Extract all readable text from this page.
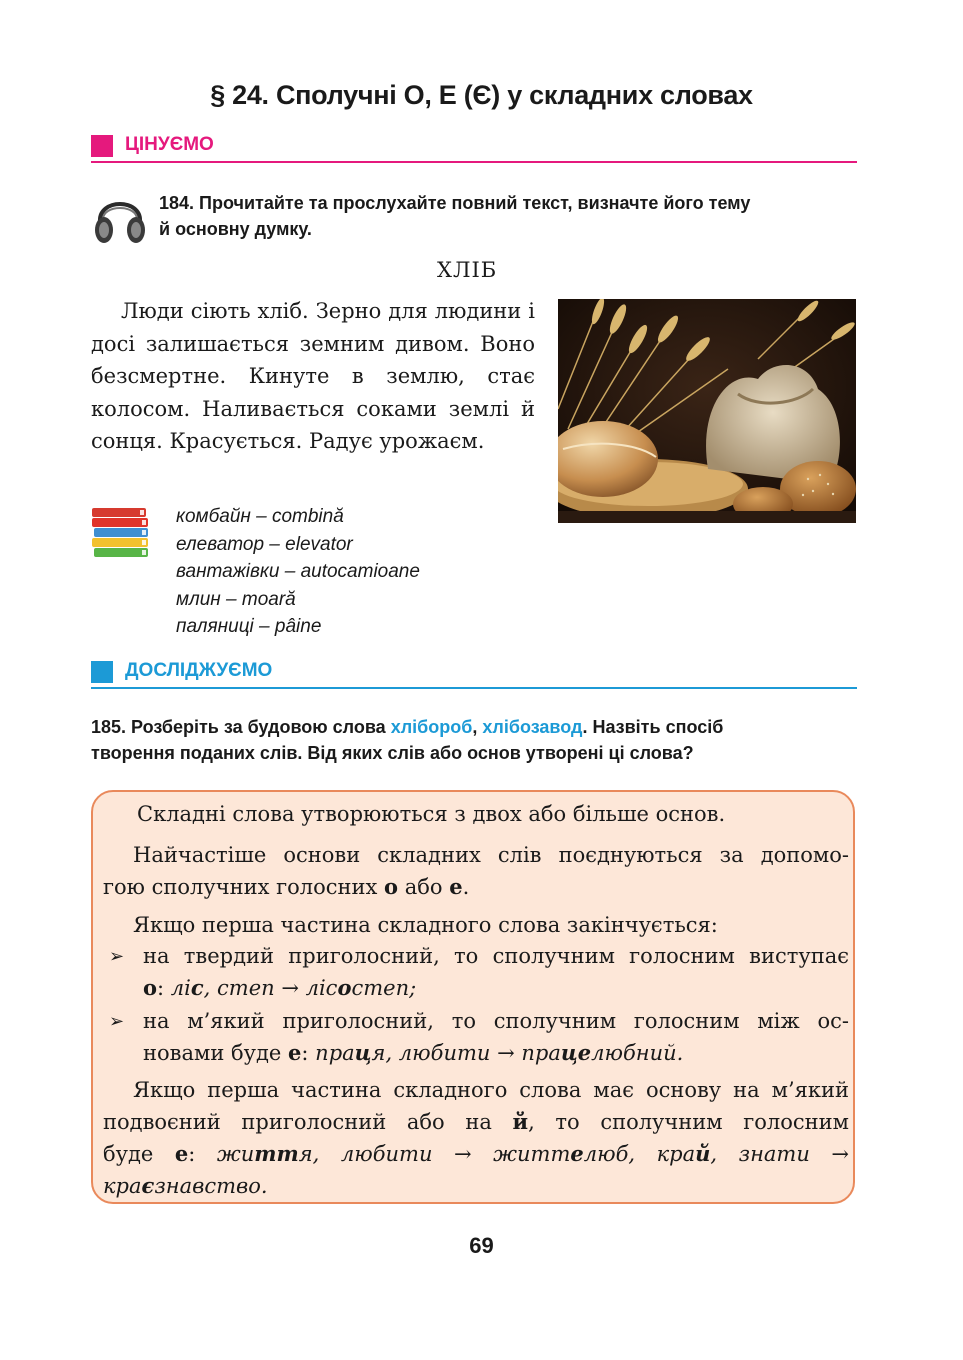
§ 24. Сполучні О, Е (Є) у складних словах
ЦІНУЄМО
184. Прочитайте та прослухайте повний текст, визначте його тему
й основну думку.
ХЛІБ
Люди сіють хліб. Зерно для людини і досі залишається земним дивом. Воно безсмертне. Кинуте в землю, стає колосом. Наливається соками землі й сонця. Красується. Радує урожаєм.
комбайн – combină
елеватор – elevator
вантажівки – autocamioane
млин – moară
паляниці – pâine
ДОСЛІДЖУЄМО
185. Розберіть за будовою слова хлібороб, хлібозавод. Назвіть спосіб
творення поданих слів. Від яких слів або основ утворені ці слова?
Складні слова утворюються з двох або більше основ.
Найчастіше основи складних слів поєднуються за допомо-
гою сполучних голосних о або е.
Якщо перша частина складного слова закінчується:
➢ на твердий приголосний, то сполучним голосним виступає
о: ліс, степ → лісостеп;
➢ на м’який приголосний, то сполучним голосним між ос-
новами буде е: праця, любити → працелюбний.
Якщо перша частина складного слова має основу на м’який
подвоєний приголосний або на й, то сполучним голосним
буде е: життя, любити → життелюб, край, знати →
краєзнавство.
69
